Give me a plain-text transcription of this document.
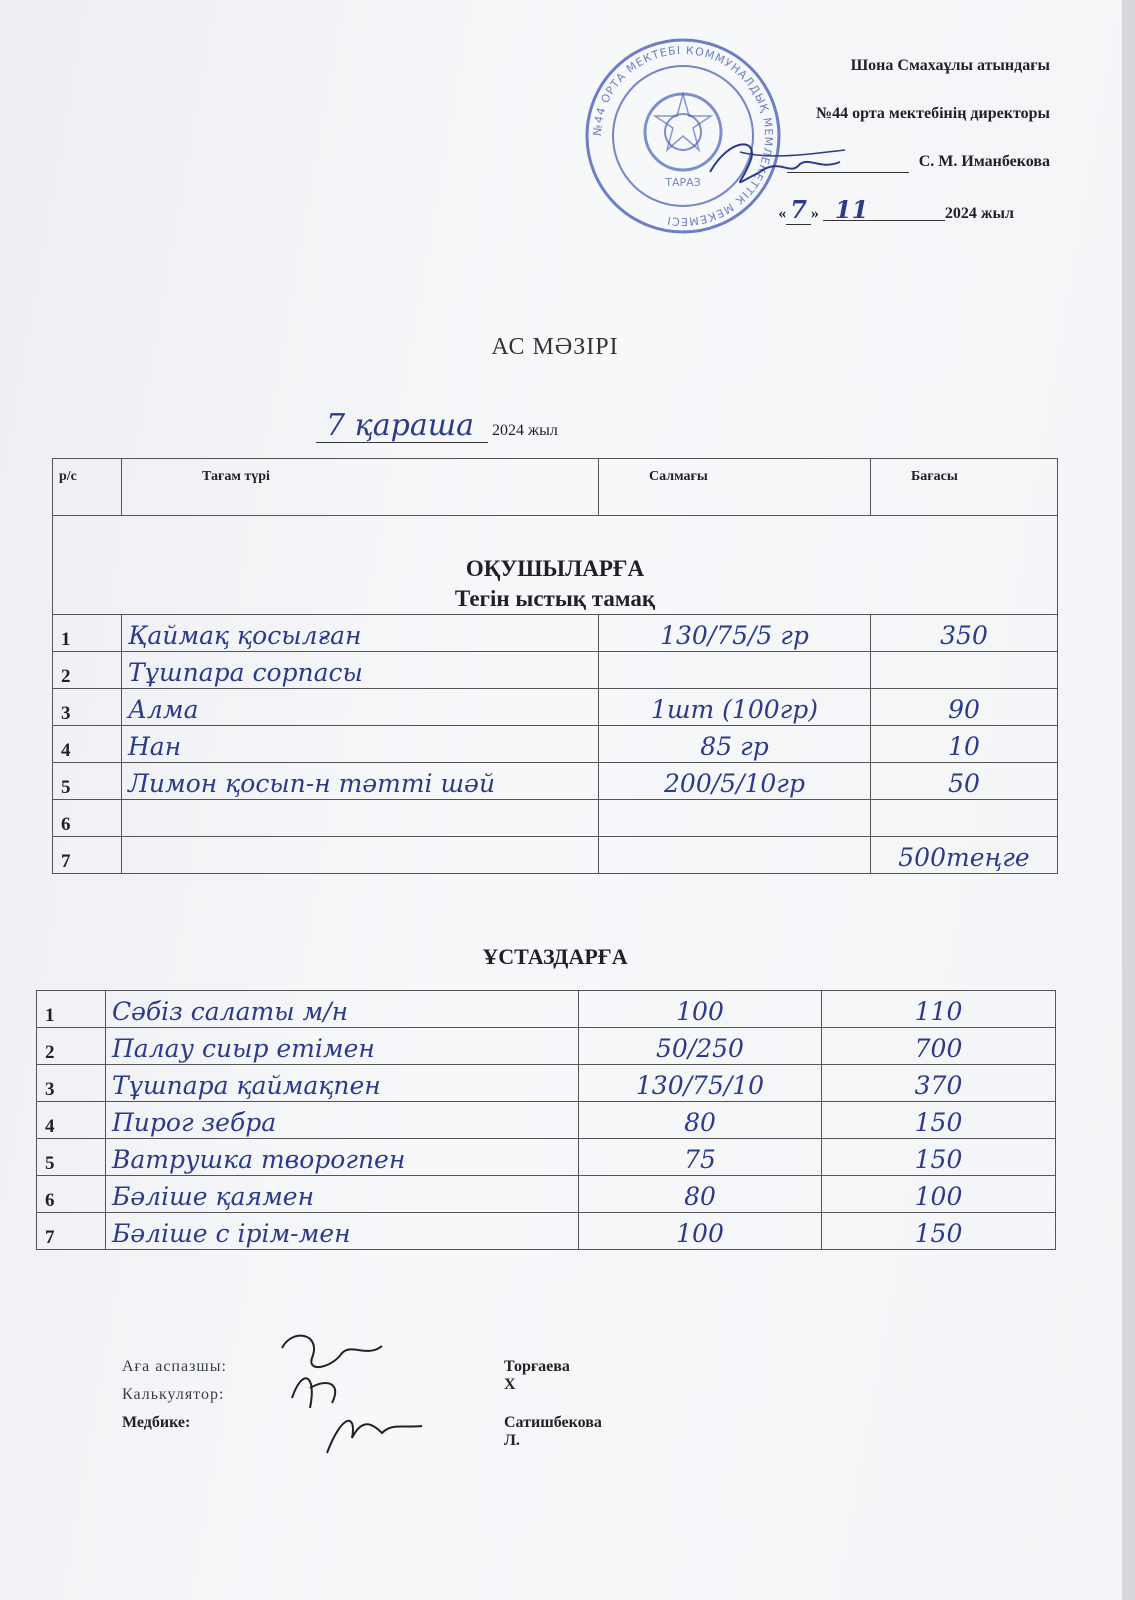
№44 ОРТА МЕКТЕБІ КОММУНАЛДЫҚ МЕМЛЕКЕТТІК МЕКЕМЕСІ
ТАРАЗ
Шона Смахаұлы атындағы
№44 орта мектебінің директоры
С. М. Иманбекова
« 7 » 11	2024 жыл
АС МӘЗІРІ
7 қараша 2024 жыл
р/с	Тағам түрі	Салмағы	Бағасы

ОҚУШЫЛАРҒА
Тегін ыстық тамақ			

1	Қаймақ қосылған	130/75/5 гр	350
2	Тұшпара сорпасы		
3	Алма	1шт (100гр)	90
4	Нан	85 гр	10
5	Лимон қосып-н тәтті шәй	200/5/10гр	50
6			
7			500теңге
ҰСТАЗДАРҒА
1	Сәбіз салаты м/н	100	110
2	Палау сиыр етімен	50/250	700
3	Тұшпара қаймақпен	130/75/10	370
4	Пирог зебра	80	150
5	Ватрушка творогпен	75	150
6	Бәліше қаямен	80	100
7	Бәліше с ірім-мен	100	150
Аға аспазшы:	Торғаева Х
Калькулятор:
Медбике:	Сатишбекова Л.
